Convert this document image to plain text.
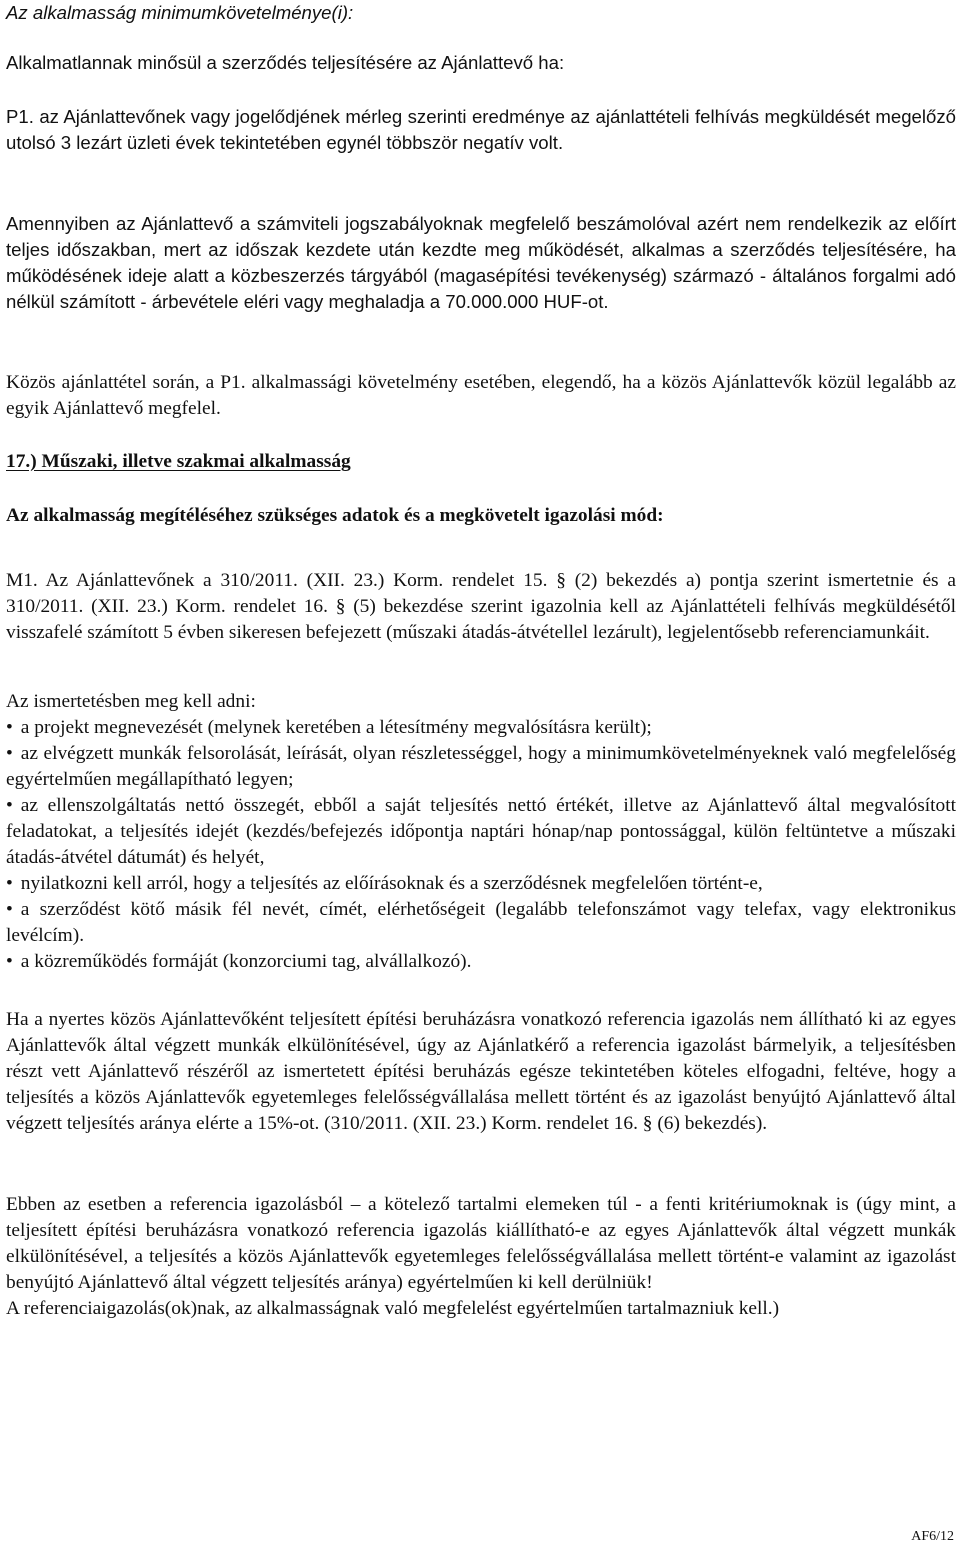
Az alkalmasság minimumkövetelménye(i):

Alkalmatlannak minősül a szerződés teljesítésére az Ajánlattevő ha:

P1. az Ajánlattevőnek vagy jogelődjének mérleg szerinti eredménye az ajánlattételi felhívás megküldését megelőző utolsó 3 lezárt üzleti évek tekintetében egynél többször negatív volt.

Amennyiben az Ajánlattevő a számviteli jogszabályoknak megfelelő beszámolóval azért nem rendelkezik az előírt teljes időszakban, mert az időszak kezdete után kezdte meg működését, alkalmas a szerződés teljesítésére, ha működésének ideje alatt a közbeszerzés tárgyából (magasépítési tevékenység) származó - általános forgalmi adó nélkül számított - árbevétele eléri vagy meghaladja a 70.000.000 HUF-ot.

Közös ajánlattétel során, a P1. alkalmassági követelmény esetében, elegendő, ha a közös Ajánlattevők közül legalább az egyik Ajánlattevő megfelel.

17.) Műszaki, illetve szakmai alkalmasság

Az alkalmasság megítéléséhez szükséges adatok és a megkövetelt igazolási mód:

M1. Az Ajánlattevőnek a 310/2011. (XII. 23.) Korm. rendelet 15. § (2) bekezdés a) pontja szerint ismertetnie és a 310/2011. (XII. 23.) Korm. rendelet 16. § (5) bekezdése szerint igazolnia kell az Ajánlattételi felhívás megküldésétől visszafelé számított 5 évben sikeresen befejezett (műszaki átadás-átvétellel lezárult), legjelentősebb referenciamunkáit.

Az ismertetésben meg kell adni:

• a projekt megnevezését (melynek keretében a létesítmény megvalósításra került);
• az elvégzett munkák felsorolását, leírását, olyan részletességgel, hogy a minimumkövetelményeknek való megfelelőség egyértelműen megállapítható legyen;
• az ellenszolgáltatás nettó összegét, ebből a saját teljesítés nettó értékét, illetve az Ajánlattevő által megvalósított feladatokat, a teljesítés idejét (kezdés/befejezés időpontja naptári hónap/nap pontossággal, külön feltüntetve a műszaki átadás-átvétel dátumát) és helyét,
• nyilatkozni kell arról, hogy a teljesítés az előírásoknak és a szerződésnek megfelelően történt-e,
• a szerződést kötő másik fél nevét, címét, elérhetőségeit (legalább telefonszámot vagy telefax, vagy elektronikus levélcím).
• a közreműködés formáját (konzorciumi tag, alvállalkozó).

Ha a nyertes közös Ajánlattevőként teljesített építési beruházásra vonatkozó referencia igazolás nem állítható ki az egyes Ajánlattevők által végzett munkák elkülönítésével, úgy az Ajánlatkérő a referencia igazolást bármelyik, a teljesítésben részt vett Ajánlattevő részéről az ismertetett építési beruházás egésze tekintetében köteles elfogadni, feltéve, hogy a teljesítés a közös Ajánlattevők egyetemleges felelősségvállalása mellett történt és az igazolást benyújtó Ajánlattevő által végzett teljesítés aránya elérte a 15%-ot. (310/2011. (XII. 23.) Korm. rendelet 16. § (6) bekezdés).

Ebben az esetben a referencia igazolásból – a kötelező tartalmi elemeken túl - a fenti kritériumoknak is (úgy mint, a teljesített építési beruházásra vonatkozó referencia igazolás kiállítható-e az egyes Ajánlattevők által végzett munkák elkülönítésével, a teljesítés a közös Ajánlattevők egyetemleges felelősségvállalása mellett történt-e valamint az igazolást benyújtó Ajánlattevő által végzett teljesítés aránya) egyértelműen ki kell derülniük!

A referenciaigazolás(ok)nak, az alkalmasságnak való megfelelést egyértelműen tartalmazniuk kell.)

AF6/12
